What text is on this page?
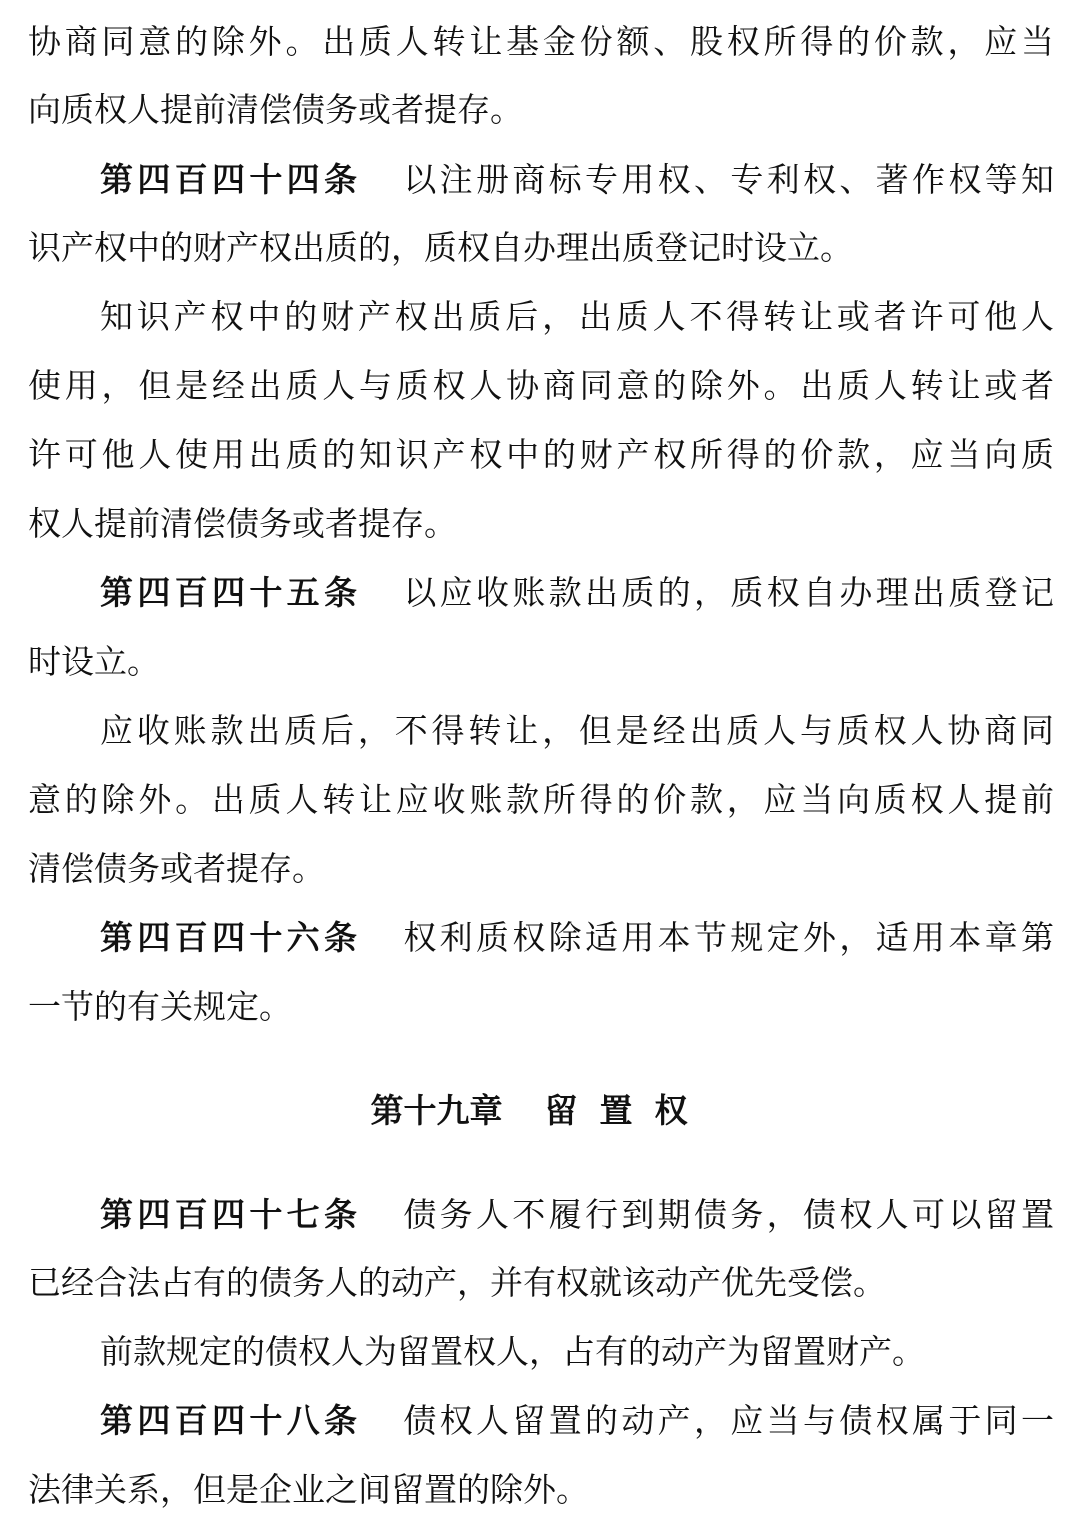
协商同意的除外。出质人转让基金份额、股权所得的价款，应当
向质权人提前清偿债务或者提存。
第四百四十四条 以注册商标专用权、专利权、著作权等知
识产权中的财产权出质的，质权自办理出质登记时设立。
知识产权中的财产权出质后，出质人不得转让或者许可他人
使用，但是经出质人与质权人协商同意的除外。出质人转让或者
许可他人使用出质的知识产权中的财产权所得的价款，应当向质
权人提前清偿债务或者提存。
第四百四十五条 以应收账款出质的，质权自办理出质登记
时设立。
应收账款出质后，不得转让，但是经出质人与质权人协商同
意的除外。出质人转让应收账款所得的价款，应当向质权人提前
清偿债务或者提存。
第四百四十六条 权利质权除适用本节规定外，适用本章第
一节的有关规定。
第十九章 留置权
第四百四十七条 债务人不履行到期债务，债权人可以留置
已经合法占有的债务人的动产，并有权就该动产优先受偿。
前款规定的债权人为留置权人，占有的动产为留置财产。
第四百四十八条 债权人留置的动产，应当与债权属于同一
法律关系，但是企业之间留置的除外。
